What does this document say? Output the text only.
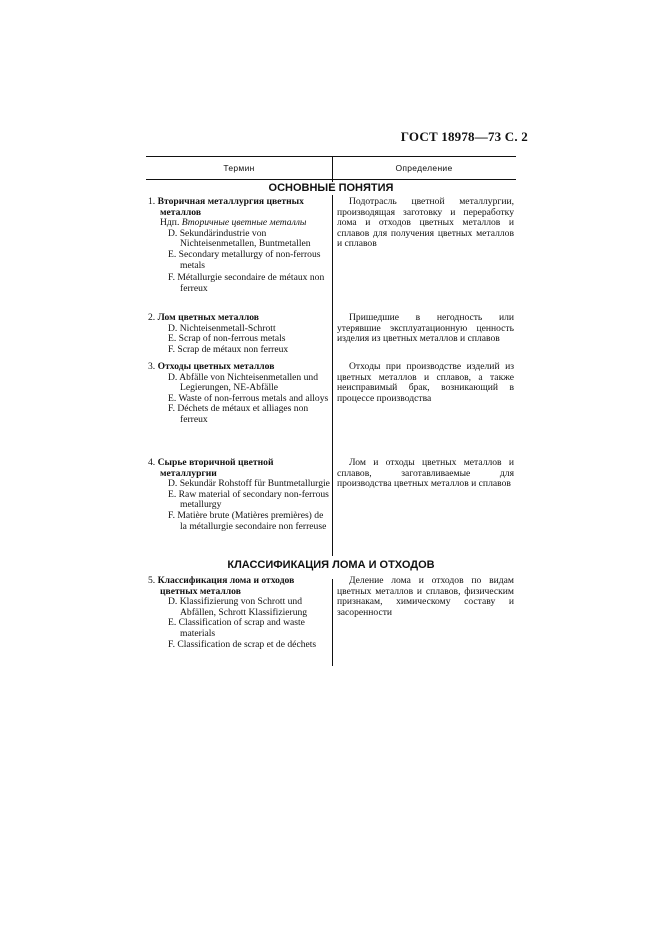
ГОСТ 18978—73 С. 2
Термин	Определение
ОСНОВНЫЕ ПОНЯТИЯ
1. Вторичная металлургия цветных металлов
Ндп. Вторичные цветные металлы
D. Sekundärindustrie von Nichteisenmetallen, Buntmetallen
E. Secondary metallurgy of non-ferrous metals
F. Métallurgie secondaire de métaux non ferreux
Подотрасль цветной металлургии, производящая заготовку и переработку лома и отходов цветных металлов и сплавов для получения цветных металлов и сплавов
2. Лом цветных металлов
D. Nichteisenmetall-Schrott
E. Scrap of non-ferrous metals
F. Scrap de métaux non ferreux
Пришедшие в негодность или утерявшие эксплуатационную ценность изделия из цветных металлов и сплавов
3. Отходы цветных металлов
D. Abfälle von Nichteisenmetallen und Legierungen, NE-Abfälle
E. Waste of non-ferrous metals and alloys
F. Déchets de métaux et alliages non ferreux
Отходы при производстве изделий из цветных металлов и сплавов, а также неисправимый брак, возникающий в процессе производства
4. Сырье вторичной цветной металлургии
D. Sekundär Rohstoff für Buntmetallurgie
E. Raw material of secondary non-ferrous metallurgy
F. Matière brute (Matières premières) de la métallurgie secondaire non ferreuse
Лом и отходы цветных металлов и сплавов, заготавливаемые для производства цветных металлов и сплавов
КЛАССИФИКАЦИЯ ЛОМА И ОТХОДОВ
5. Классификация лома и отходов цветных металлов
D. Klassifizierung von Schrott und Abfällen, Schrott Klassifizierung
E. Classification of scrap and waste materials
F. Classification de scrap et de déchets
Деление лома и отходов по видам цветных металлов и сплавов, физическим признакам, химическому составу и засоренности
